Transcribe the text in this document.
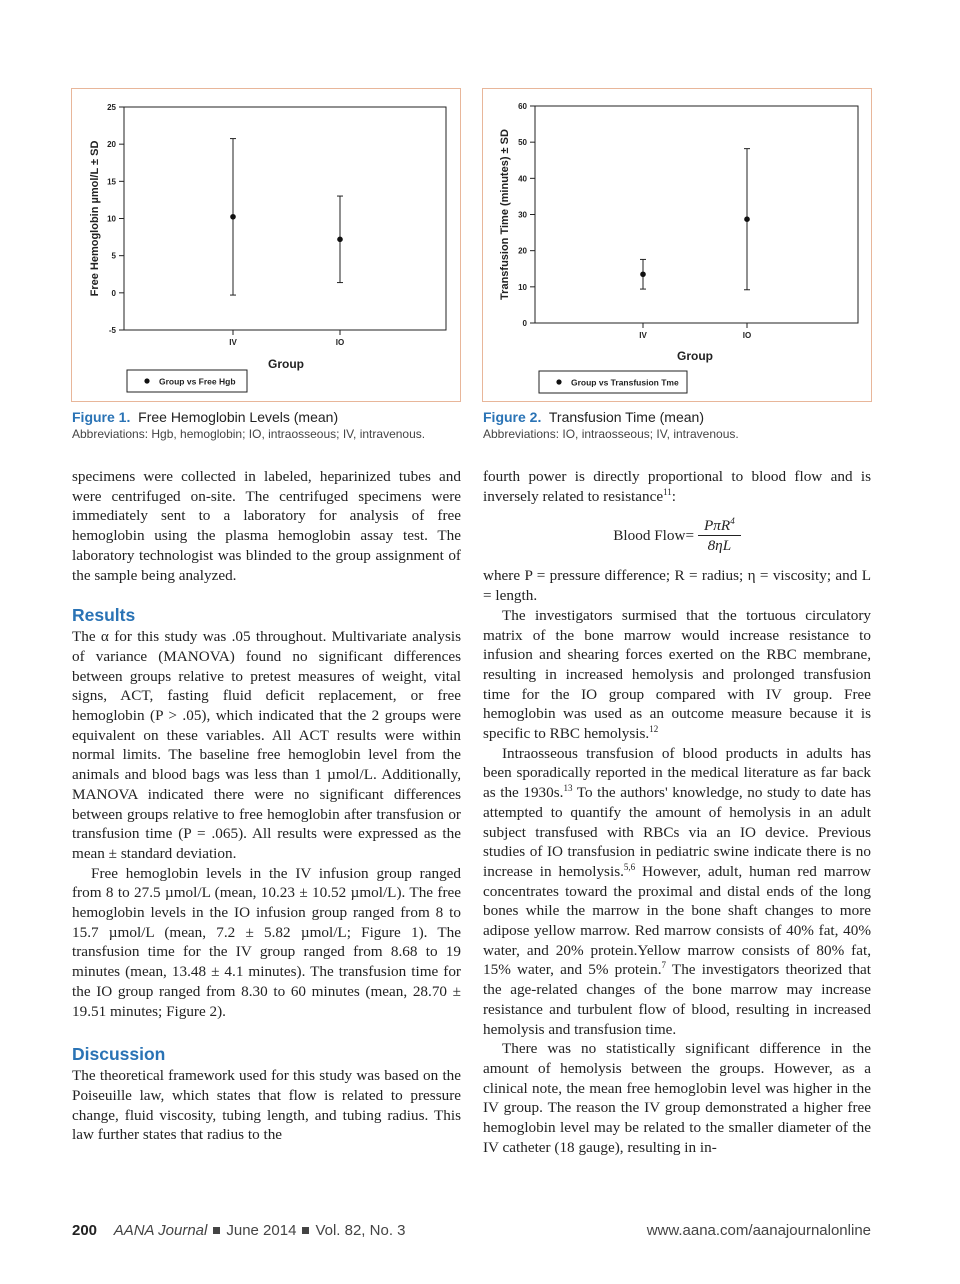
-5
0
5
10
15
20
25
IV	IO
Group
Free Hemoglobin µmol/L ± SD
Group vs Free Hgb
Figure 1. Free Hemoglobin Levels (mean)
Abbreviations: Hgb, hemoglobin; IO, intraosseous; IV, intravenous.
0
10
20
30
40
50
60
IV	IO
Group
Transfusion Time (minutes) ± SD
Group vs Transfusion Tme
Figure 2. Transfusion Time (mean)
Abbreviations: IO, intraosseous; IV, intravenous.

specimens were collected in labeled, heparinized tubes and were centrifuged on-site. The centrifuged specimens were immediately sent to a laboratory for analysis of free hemoglobin using the plasma hemoglobin assay test. The laboratory technologist was blinded to the group assignment of the sample being analyzed.

Results

The α for this study was .05 throughout. Multivariate analysis of variance (MANOVA) found no significant differences between groups relative to pretest measures of weight, vital signs, ACT, fasting fluid deficit replacement, or free hemoglobin (P > .05), which indicated that the 2 groups were equivalent on these variables. All ACT results were within normal limits. The baseline free hemoglobin level from the animals and blood bags was less than 1 µmol/L. Additionally, MANOVA indicated there were no significant differences between groups relative to free hemoglobin after transfusion or transfusion time (P = .065). All results were expressed as the mean ± standard deviation.

Free hemoglobin levels in the IV infusion group ranged from 8 to 27.5 µmol/L (mean, 10.23 ± 10.52 µmol/L). The free hemoglobin levels in the IO infusion group ranged from 8 to 15.7 µmol/L (mean, 7.2 ± 5.82 µmol/L; Figure 1). The transfusion time for the IV group ranged from 8.68 to 19 minutes (mean, 13.48 ± 4.1 minutes). The transfusion time for the IO group ranged from 8.30 to 60 minutes (mean, 28.70 ± 19.51 minutes; Figure 2).

Discussion

The theoretical framework used for this study was based on the Poiseuille law, which states that flow is related to pressure change, fluid viscosity, tubing length, and tubing radius. This law further states that radius to the

fourth power is directly proportional to blood flow and is inversely related to resistance$^{11}$:

Blood Flow= $\frac{P\pi R^4}{8\eta L}$

where P = pressure difference; R = radius; η = viscosity; and L = length.

The investigators surmised that the tortuous circulatory matrix of the bone marrow would increase resistance to infusion and shearing forces exerted on the RBC membrane, resulting in increased hemolysis and prolonged transfusion time for the IO group compared with IV group. Free hemoglobin was used as an outcome measure because it is specific to RBC hemolysis.$^{12}$

Intraosseous transfusion of blood products in adults has been sporadically reported in the medical literature as far back as the 1930s.$^{13}$ To the authors' knowledge, no study to date has attempted to quantify the amount of hemolysis in an adult subject transfused with RBCs via an IO device. Previous studies of IO transfusion in pediatric swine indicate there is no increase in hemolysis.$^{5,6}$ However, adult, human red marrow concentrates toward the proximal and distal ends of the long bones while the marrow in the bone shaft changes to more adipose yellow marrow. Red marrow consists of 40% fat, 40% water, and 20% protein.Yellow marrow consists of 80% fat, 15% water, and 5% protein.$^7$ The investigators theorized that the age-related changes of the bone marrow may increase resistance and turbulent flow of blood, resulting in increased hemolysis and transfusion time.

There was no statistically significant difference in the amount of hemolysis between the groups. However, as a clinical note, the mean free hemoglobin level was higher in the IV group. The reason the IV group demonstrated a higher free hemoglobin level may be related to the smaller diameter of the IV catheter (18 gauge), resulting in in-

200 AANA Journal June 2014 Vol. 82, No. 3	www.aana.com/aanajournalonline
